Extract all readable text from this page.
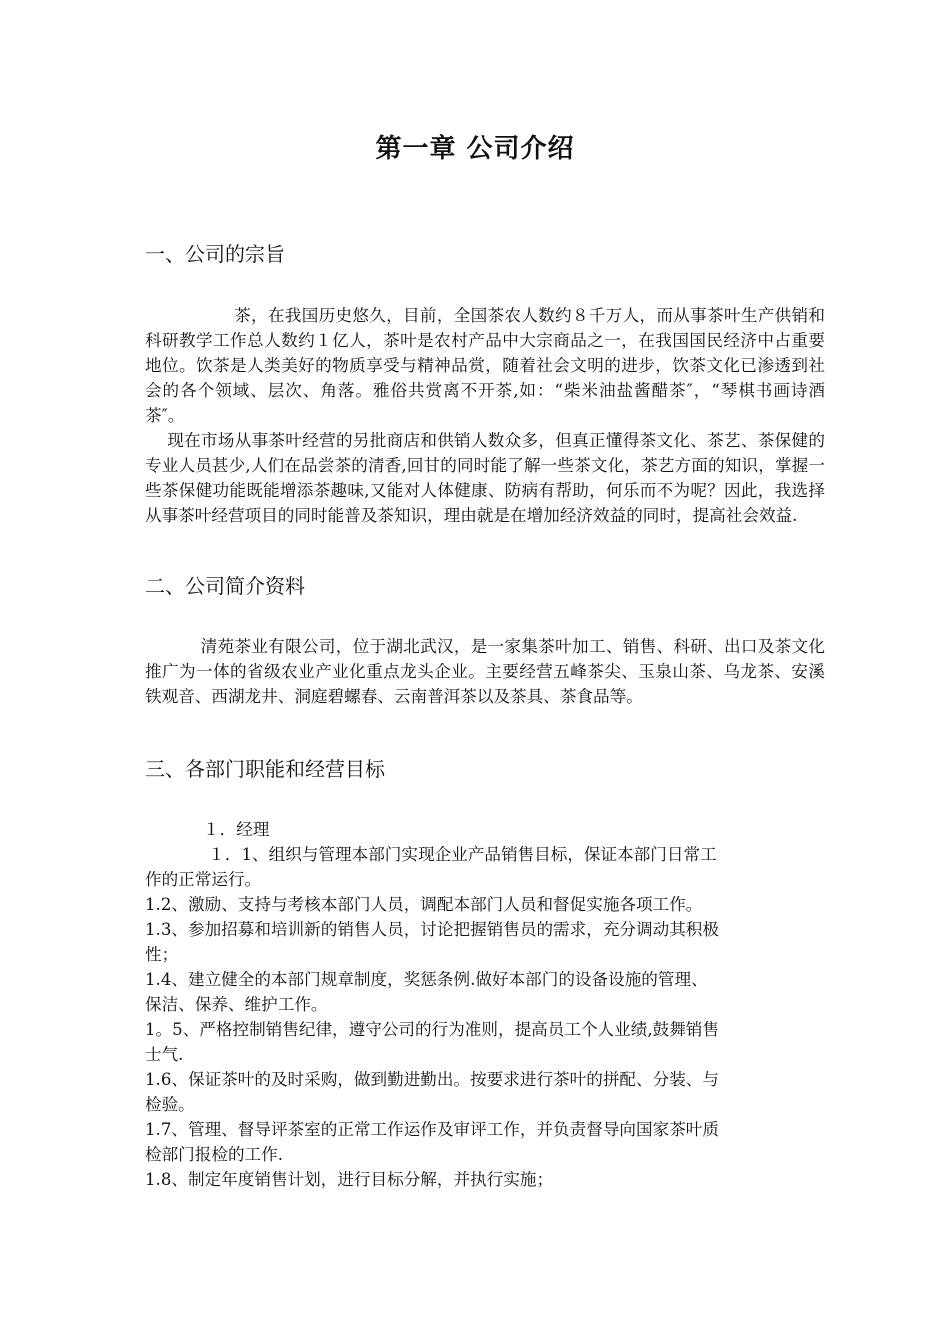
第一章 公司介绍
一、公司的宗旨
茶，在我国历史悠久，目前，全国茶农人数约８千万人，而从事茶叶生产供销和科研教学工作总人数约１亿人，茶叶是农村产品中大宗商品之一，在我国国民经济中占重要地位。饮茶是人类美好的物质享受与精神品赏，随着社会文明的进步，饮茶文化已渗透到社会的各个领域、层次、角落。雅俗共赏离不开茶,如：“柴米油盐酱醋茶″，“琴棋书画诗酒茶″。
现在市场从事茶叶经营的另批商店和供销人数众多，但真正懂得茶文化、茶艺、茶保健的专业人员甚少,人们在品尝茶的清香,回甘的同时能了解一些茶文化，茶艺方面的知识，掌握一些茶保健功能既能增添茶趣味,又能对人体健康、防病有帮助，何乐而不为呢？因此，我选择从事茶叶经营项目的同时能普及茶知识，理由就是在增加经济效益的同时，提高社会效益.
二、公司简介资料
清苑茶业有限公司，位于湖北武汉，是一家集茶叶加工、销售、科研、出口及茶文化推广为一体的省级农业产业化重点龙头企业。主要经营五峰茶尖、玉泉山茶、乌龙茶、安溪铁观音、西湖龙井、洞庭碧螺春、云南普洱茶以及茶具、茶食品等。
三、各部门职能和经营目标
１．经理
１．1、组织与管理本部门实现企业产品销售目标，保证本部门日常工
作的正常运行。
1.2、激励、支持与考核本部门人员，调配本部门人员和督促实施各项工作。
1.3、参加招募和培训新的销售人员，讨论把握销售员的需求，充分调动其积极
性；
1.4、建立健全的本部门规章制度，奖惩条例.做好本部门的设备设施的管理、
保洁、保养、维护工作。
1。5、严格控制销售纪律，遵守公司的行为准则，提高员工个人业绩,鼓舞销售
士气.
1.6、保证茶叶的及时采购，做到勤进勤出。按要求进行茶叶的拼配、分装、与
检验。
1.7、管理、督导评茶室的正常工作运作及审评工作，并负责督导向国家茶叶质
检部门报检的工作.
1.8、制定年度销售计划，进行目标分解，并执行实施；
